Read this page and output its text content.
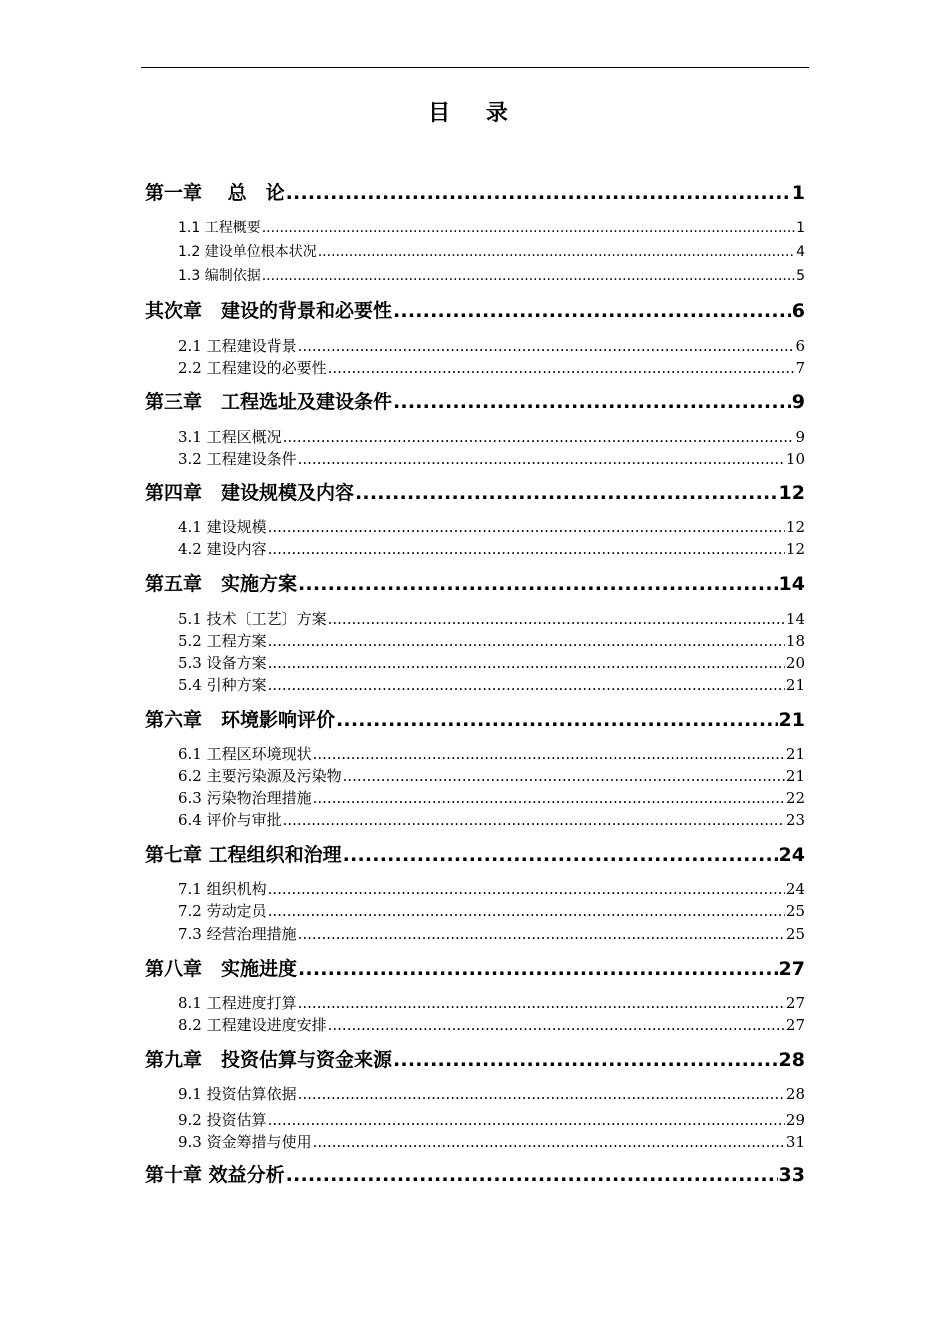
目 录
第一章　 总　论 .....	1
1.1 工程概要 .....	1
1.2 建设单位根本状况 .....	4
1.3 编制依据 .....	5
其次章　建设的背景和必要性 .....	6
2.1 工程建设背景 .....	6
2.2 工程建设的必要性 .....	7
第三章　工程选址及建设条件 .....	9
3.1 工程区概况 .....	9
3.2 工程建设条件 .....	10
第四章　建设规模及内容 .....	12
4.1 建设规模 .....	12
4.2 建设内容 .....	12
第五章　实施方案 .....	14
5.1 技术〔工艺〕方案 .....	14
5.2 工程方案 .....	18
5.3 设备方案 .....	20
5.4 引种方案 .....	21
第六章　环境影响评价 .....	21
6.1 工程区环境现状 .....	21
6.2 主要污染源及污染物 .....	21
6.3 污染物治理措施 .....	22
6.4 评价与审批 .....	23
第七章 工程组织和治理 .....	24
7.1 组织机构 .....	24
7.2 劳动定员 .....	25
7.3 经营治理措施 .....	25
第八章　实施进度 .....	27
8.1 工程进度打算 .....	27
8.2 工程建设进度安排 .....	27
第九章　投资估算与资金来源 .....	28
9.1 投资估算依据 .....	28
9.2 投资估算 .....	29
9.3 资金筹措与使用 .....	31
第十章 效益分析 .....	33
